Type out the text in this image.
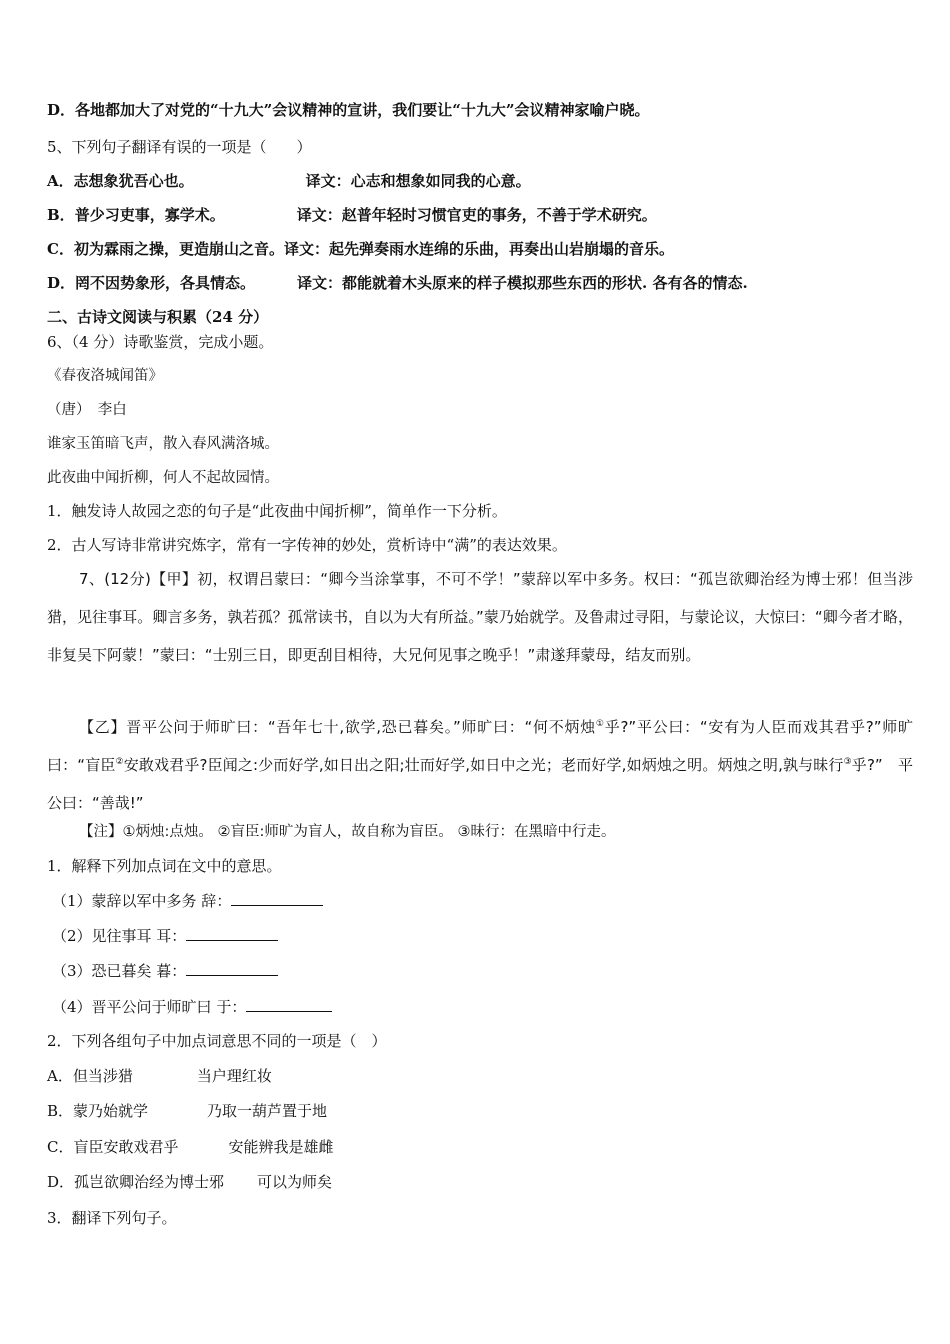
D．各地都加大了对党的“十九大”会议精神的宣讲，我们要让“十九大”会议精神家喻户晓。
5、下列句子翻译有误的一项是（　　）
A．志想象犹吾心也。	译文：心志和想象如同我的心意。
B．普少习吏事，寡学术。	译文：赵普年轻时习惯官吏的事务，不善于学术研究。
C．初为霖雨之操，更造崩山之音。译文：起先弹奏雨水连绵的乐曲，再奏出山岩崩塌的音乐。
D．罔不因势象形，各具情态。	译文：都能就着木头原来的样子模拟那些东西的形状. 各有各的情态.
二、古诗文阅读与积累（24 分）
6、（4 分）诗歌鉴赏，完成小题。
《春夜洛城闻笛》
（唐）　李白
谁家玉笛暗飞声，散入春风满洛城。
此夜曲中闻折柳，何人不起故园情。
1．触发诗人故园之恋的句子是“此夜曲中闻折柳”，简单作一下分析。
2．古人写诗非常讲究炼字，常有一字传神的妙处，赏析诗中“满”的表达效果。
7、(12分)【甲】初，权谓吕蒙曰：“卿今当涂掌事，不可不学！”蒙辞以军中多务。权曰：“孤岂欲卿治经为博士邪！但当涉猎，见往事耳。卿言多务，孰若孤？孤常读书，自以为大有所益。”蒙乃始就学。及鲁肃过寻阳，与蒙论议，大惊曰：“卿今者才略，非复吴下阿蒙！”蒙曰：“士别三日，即更刮目相待，大兄何见事之晚乎！”肃遂拜蒙母，结友而别。
【乙】晋平公问于师旷曰：“吾年七十,欲学,恐已暮矣。”师旷曰：“何不炳烛①乎?”平公曰：“安有为人臣而戏其君乎?”师旷曰：“盲臣②安敢戏君乎?臣闻之:少而好学,如日出之阳;壮而好学,如日中之光；老而好学,如炳烛之明。炳烛之明,孰与昧行③乎?”　平公曰：“善哉!”
【注】①炳烛:点烛。 ②盲臣:师旷为盲人，故自称为盲臣。 ③昧行：在黑暗中行走。
1．解释下列加点词在文中的意思。
（1）蒙辞以军中多务 辞：
（2）见往事耳 耳：
（3）恐已暮矣 暮：
（4）晋平公问于师旷曰 于：
2．下列各组句子中加点词意思不同的一项是（　）
A．但当涉猎	当户理红妆
B．蒙乃始就学	乃取一葫芦置于地
C．盲臣安敢戏君乎	安能辨我是雄雌
D．孤岂欲卿治经为博士邪 可以为师矣
3．翻译下列句子。
